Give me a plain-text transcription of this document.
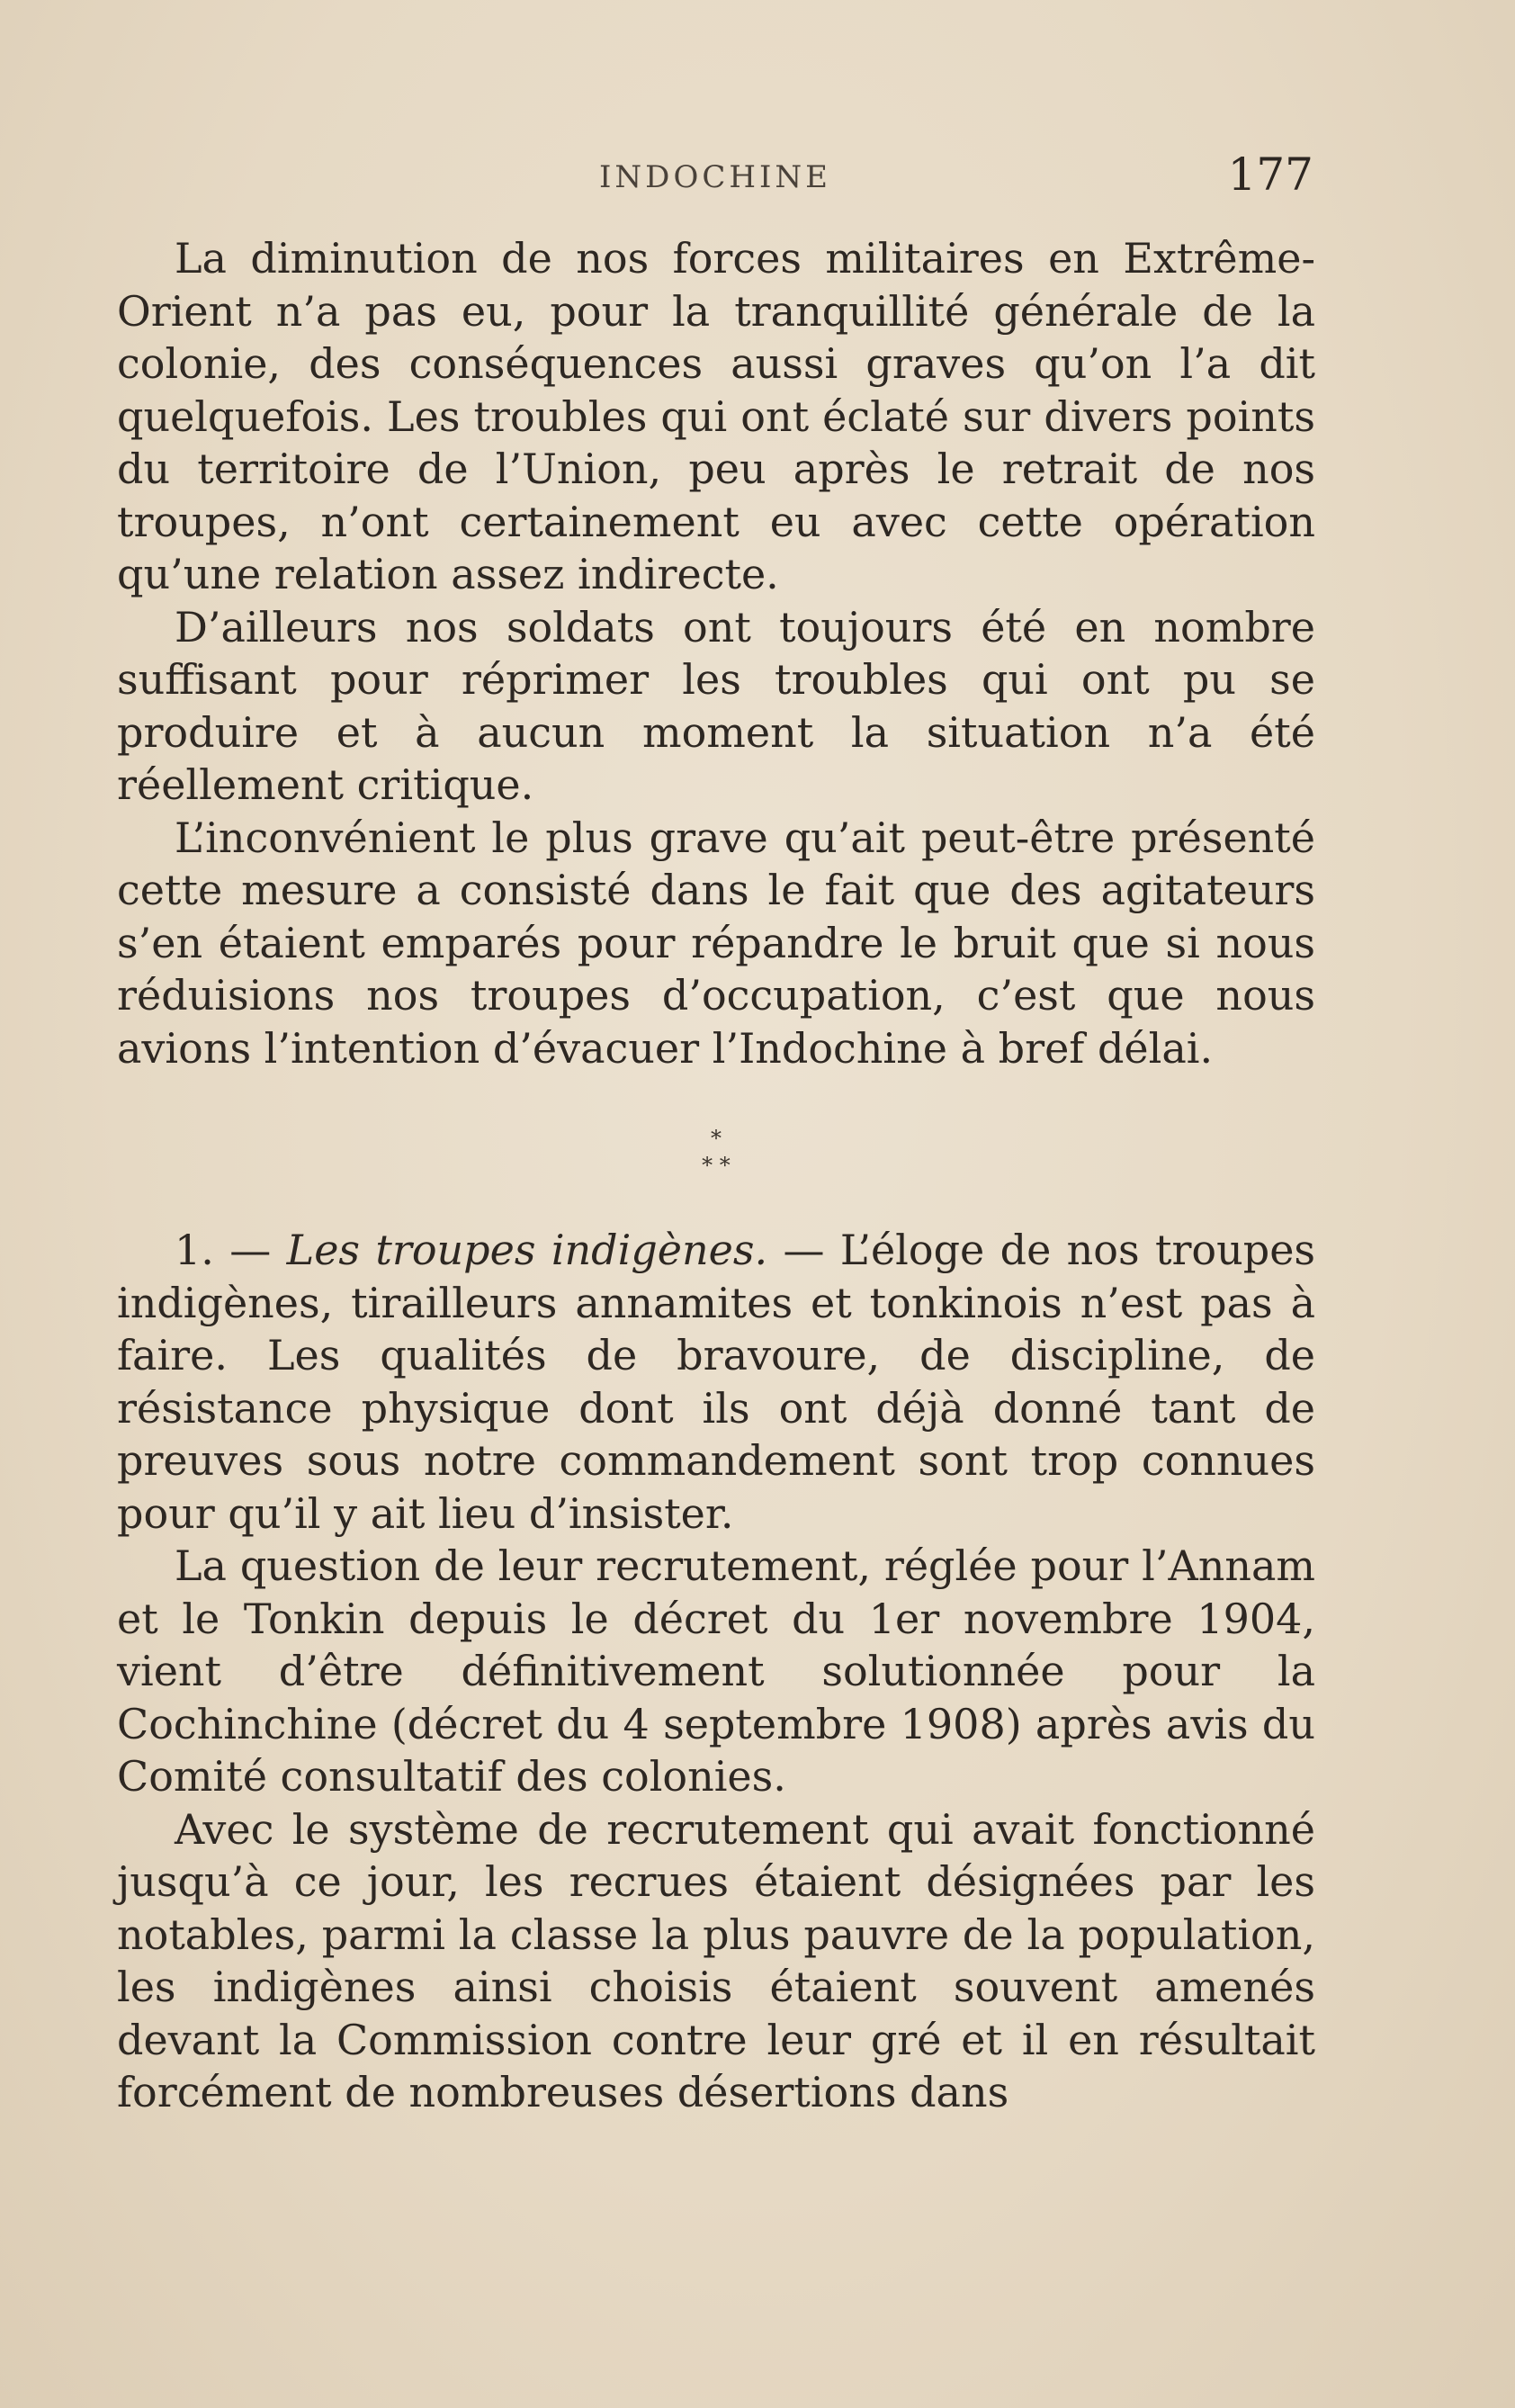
INDOCHINE	177

La diminution de nos forces militaires en Extrême-Orient n’a pas eu, pour la tranquillité générale de la colonie, des conséquences aussi graves qu’on l’a dit quelquefois. Les troubles qui ont éclaté sur divers points du territoire de l’Union, peu après le retrait de nos troupes, n’ont certainement eu avec cette opération qu’une relation assez indirecte.

D’ailleurs nos soldats ont toujours été en nombre suffisant pour réprimer les troubles qui ont pu se produire et à aucun moment la situation n’a été réellement critique.

L’inconvénient le plus grave qu’ait peut-être présenté cette mesure a consisté dans le fait que des agitateurs s’en étaient emparés pour répandre le bruit que si nous réduisions nos troupes d’occupation, c’est que nous avions l’intention d’évacuer l’Indochine à bref délai.

*
* *

1. — Les troupes indigènes. — L’éloge de nos troupes indigènes, tirailleurs annamites et tonkinois n’est pas à faire. Les qualités de bravoure, de discipline, de résistance physique dont ils ont déjà donné tant de preuves sous notre commandement sont trop connues pour qu’il y ait lieu d’insister.

La question de leur recrutement, réglée pour l’Annam et le Tonkin depuis le décret du 1er novembre 1904, vient d’être définitivement solutionnée pour la Cochinchine (décret du 4 septembre 1908) après avis du Comité consultatif des colonies.

Avec le système de recrutement qui avait fonctionné jusqu’à ce jour, les recrues étaient désignées par les notables, parmi la classe la plus pauvre de la population, les indigènes ainsi choisis étaient souvent amenés devant la Commission contre leur gré et il en résultait forcément de nombreuses désertions dans
